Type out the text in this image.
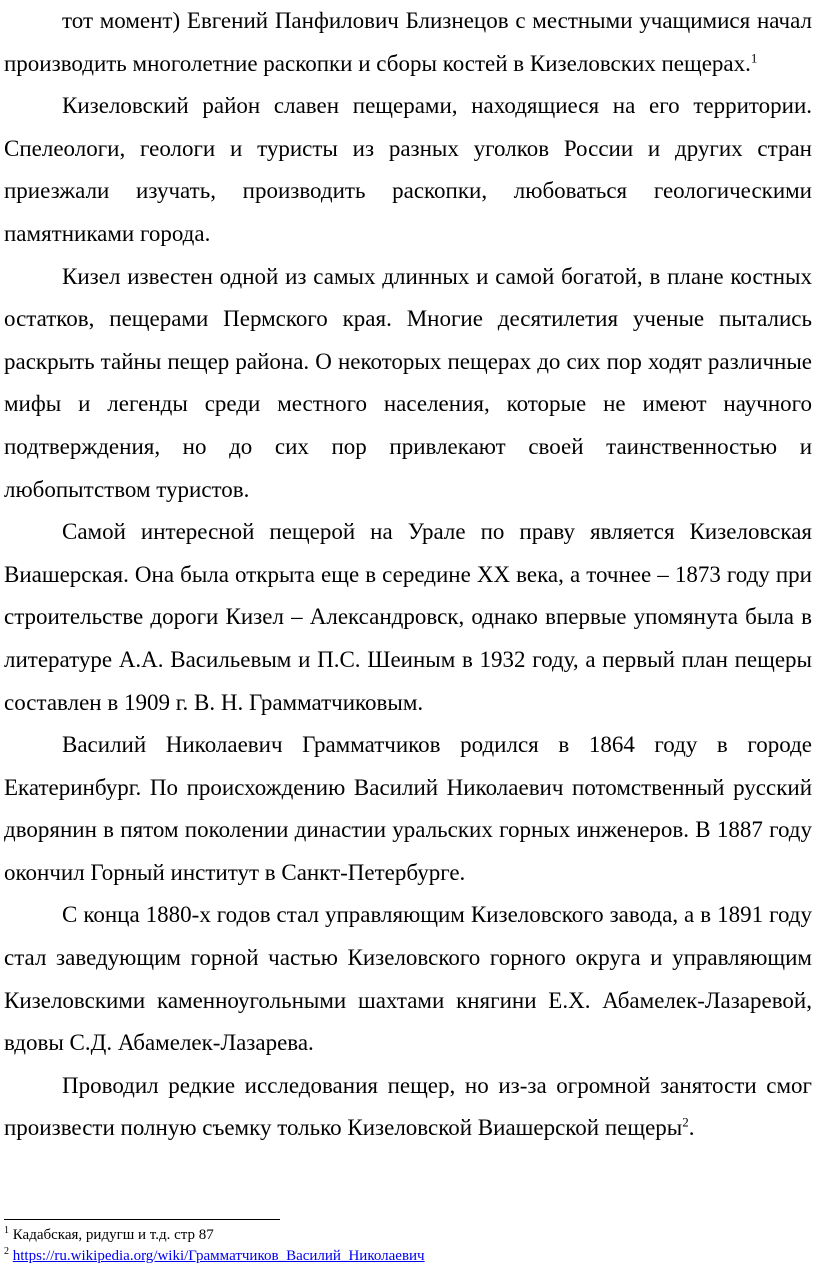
тот момент) Евгений Панфилович Близнецов с местными учащимися начал производить многолетние раскопки и сборы костей в Кизеловских пещерах.$^1$

Кизеловский район славен пещерами, находящиеся на его территории. Спелеологи, геологи и туристы из разных уголков России и других стран приезжали изучать, производить раскопки, любоваться геологическими памятниками города.

Кизел известен одной из самых длинных и самой богатой, в плане костных остатков, пещерами Пермского края. Многие десятилетия ученые пытались раскрыть тайны пещер района. О некоторых пещерах до сих пор ходят различные мифы и легенды среди местного населения, которые не имеют научного подтверждения, но до сих пор привлекают своей таинственностью и любопытством туристов.

Самой интересной пещерой на Урале по праву является Кизеловская Виашерская. Она была открыта еще в середине XX века, а точнее – 1873 году при строительстве дороги Кизел – Александровск, однако впервые упомянута была в литературе А.А. Васильевым и П.С. Шеиным в 1932 году, а первый план пещеры составлен в 1909 г. В. Н. Грамматчиковым.

Василий Николаевич Грамматчиков родился в 1864 году в городе Екатеринбург. По происхождению Василий Николаевич потомственный русский дворянин в пятом поколении династии уральских горных инженеров. В 1887 году окончил Горный институт в Санкт-Петербурге.

С конца 1880-х годов стал управляющим Кизеловского завода, а в 1891 году стал заведующим горной частью Кизеловского горного округа и управляющим Кизеловскими каменноугольными шахтами княгини Е.Х. Абамелек-Лазаревой, вдовы С.Д. Абамелек-Лазарева.

Проводил редкие исследования пещер, но из-за огромной занятости смог произвести полную съемку только Кизеловской Виашерской пещеры$^2$.

$^1$ Кадабская, ридугш и т.д. стр 87

$^2$ https://ru.wikipedia.org/wiki/Грамматчиков_Василий_Николаевич
